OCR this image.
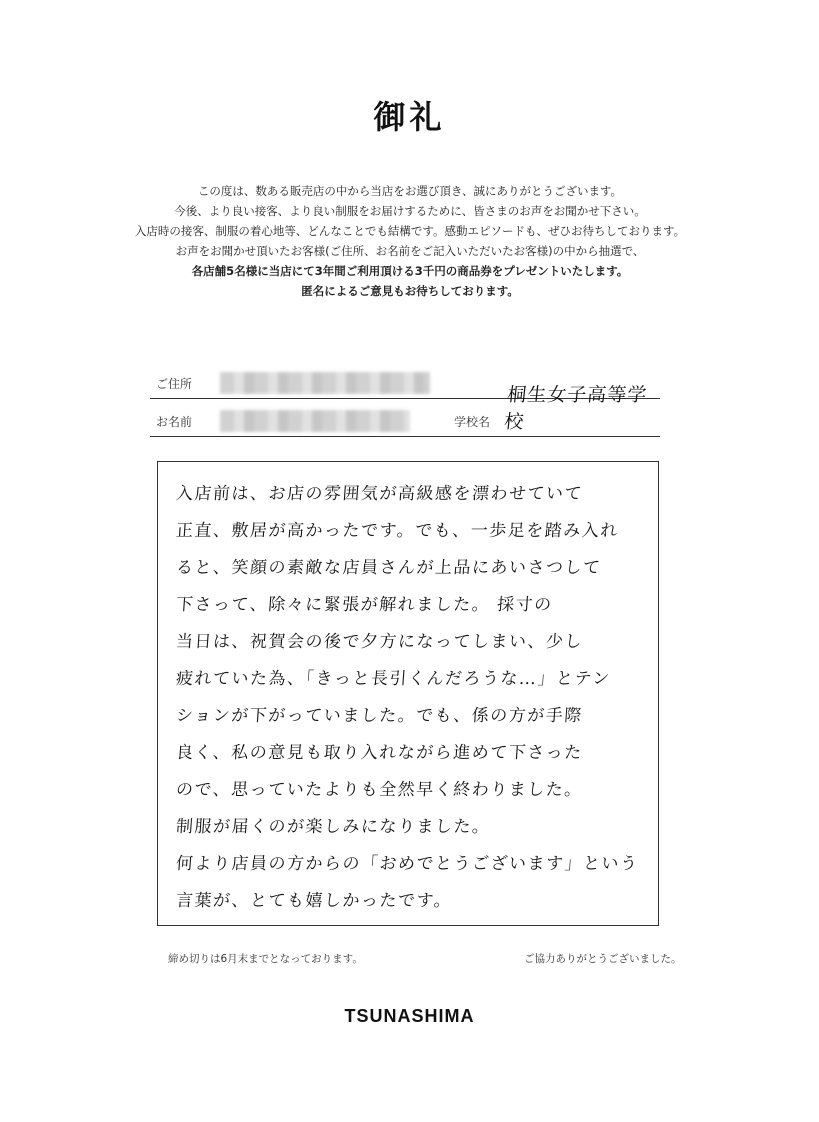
御礼
この度は、数ある販売店の中から当店をお選び頂き、誠にありがとうございます。
今後、より良い接客、より良い制服をお届けするために、皆さまのお声をお聞かせ下さい。
入店時の接客、制服の着心地等、どんなことでも結構です。感動エピソードも、ぜひお待ちしております。
お声をお聞かせ頂いたお客様(ご住所、お名前をご記入いただいたお客様)の中から抽選で、
各店舗5名様に当店にて3年間ご利用頂ける3千円の商品券をプレゼントいたします。
匿名によるご意見もお待ちしております。
ご住所
お名前	学校名
桐生女子高等学校
入店前は、お店の雰囲気が高級感を漂わせていて
正直、敷居が高かったです。でも、一歩足を踏み入れ
ると、笑顔の素敵な店員さんが上品にあいさつして
下さって、除々に緊張が解れました。 採寸の
当日は、祝賀会の後で夕方になってしまい、少し
疲れていた為、「きっと長引くんだろうな…」とテン
ションが下がっていました。でも、係の方が手際
良く、私の意見も取り入れながら進めて下さった
ので、思っていたよりも全然早く終わりました。
制服が届くのが楽しみになりました。
何より店員の方からの「おめでとうございます」という
言葉が、とても嬉しかったです。
締め切りは6月末までとなっております。	ご協力ありがとうございました。
TSUNASHIMA
